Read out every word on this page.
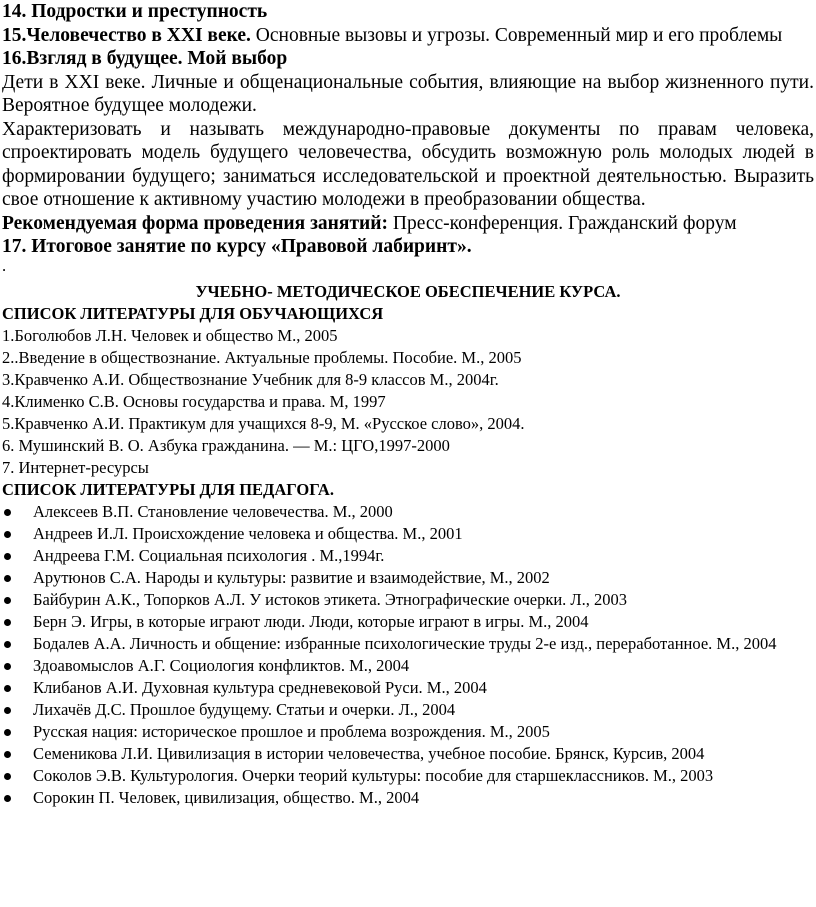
14. Подростки и преступность

15.Человечество в XXI веке. Основные вызовы и угрозы. Современный мир и его проблемы

16.Взгляд в будущее. Мой выбор

Дети в XXI веке. Личные и общенациональные события, влияющие на выбор жизненного пути. Вероятное будущее молодежи.

Характеризовать и называть международно-правовые документы по правам человека, спроектировать модель будущего человечества, обсудить возможную роль молодых людей в формировании будущего; заниматься исследовательской и проектной деятельностью. Выразить свое отношение к активному участию молодежи в преобразовании общества.

Рекомендуемая форма проведения занятий: Пресс-конференция. Гражданский форум

17. Итоговое занятие по курсу «Правовой лабиринт».

.

УЧЕБНО- МЕТОДИЧЕСКОЕ ОБЕСПЕЧЕНИЕ КУРСА.

СПИСОК ЛИТЕРАТУРЫ ДЛЯ ОБУЧАЮЩИХСЯ

1.Боголюбов Л.Н. Человек и общество М., 2005

2..Введение в обществознание. Актуальные проблемы. Пособие. М., 2005

3.Кравченко А.И. Обществознание Учебник для 8-9 классов М., 2004г.

4.Клименко С.В. Основы государства и права. М, 1997

5.Кравченко А.И. Практикум для учащихся 8-9, М. «Русское слово», 2004.

6. Мушинский В. О. Азбука гражданина. — М.: ЦГО,1997-2000

7. Интернет-ресурсы

СПИСОК ЛИТЕРАТУРЫ ДЛЯ ПЕДАГОГА.

Алексеев В.П. Становление человечества. М., 2000
Андреев И.Л. Происхождение человека и общества. М., 2001
Андреева Г.М. Социальная психология . М.,1994г.
Арутюнов С.А. Народы и культуры: развитие и взаимодействие, М., 2002
Байбурин А.К., Топорков А.Л. У истоков этикета. Этнографические очерки. Л., 2003
Берн Э. Игры, в которые играют люди. Люди, которые играют в игры. М., 2004
Бодалев А.А. Личность и общение: избранные психологические труды 2-е изд., переработанное. М., 2004
Здоавомыслов А.Г. Социология конфликтов. М., 2004
Клибанов А.И. Духовная культура средневековой Руси. М., 2004
Лихачёв Д.С. Прошлое будущему. Статьи и очерки. Л., 2004
Русская нация: историческое прошлое и проблема возрождения. М., 2005
Семеникова Л.И. Цивилизация в истории человечества, учебное пособие. Брянск, Курсив, 2004
Соколов Э.В. Культурология. Очерки теорий культуры: пособие для старшеклассников. М., 2003
Сорокин П. Человек, цивилизация, общество. М., 2004
